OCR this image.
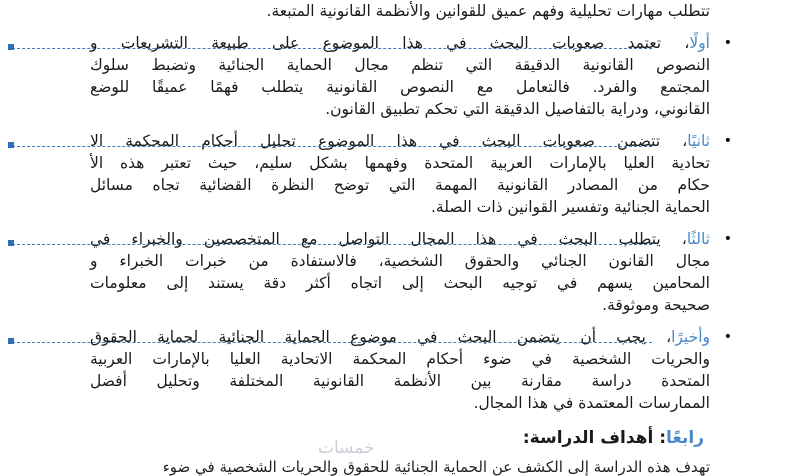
تتطلب مهارات تحليلية وفهم عميق للقوانين والأنظمة القانونية المتبعة.
•
أولًا، تعتمد صعوبات البحث في هذا الموضوع على طبيعة التشريعات و
النصوص القانونية الدقيقة التي تنظم مجال الحماية الجنائية وتضبط سلوك
المجتمع والفرد. فالتعامل مع النصوص القانونية يتطلب فهمًا عميقًا للوضع
القانوني، ودراية بالتفاصيل الدقيقة التي تحكم تطبيق القانون.
•
ثانيًا، تتضمن صعوبات البحث في هذا الموضوع تحليل أحكام المحكمة الا
تحادية العليا بالإمارات العربية المتحدة وفهمها بشكل سليم، حيث تعتبر هذه الأ
حكام من المصادر القانونية المهمة التي توضح النظرة القضائية تجاه مسائل
الحماية الجنائية وتفسير القوانين ذات الصلة.
•
ثالثًا، يتطلب البحث في هذا المجال التواصل مع المتخصصين والخبراء في
مجال القانون الجنائي والحقوق الشخصية، فالاستفادة من خبرات الخبراء و
المحامين يسهم في توجيه البحث إلى اتجاه أكثر دقة يستند إلى معلومات
صحيحة وموثوقة.
•
وأخيرًا، يجب أن يتضمن البحث في موضوع الحماية الجنائية لحماية الحقوق
والحريات الشخصية في ضوء أحكام المحكمة الاتحادية العليا بالإمارات العربية
المتحدة دراسة مقارنة بين الأنظمة القانونية المختلفة وتحليل أفضل
الممارسات المعتمدة في هذا المجال.
رابعًا: أهداف الدراسة:
خمسات
تهدف هذه الدراسة إلى الكشف عن الحماية الجنائية للحقوق والحريات الشخصية في ضوء
